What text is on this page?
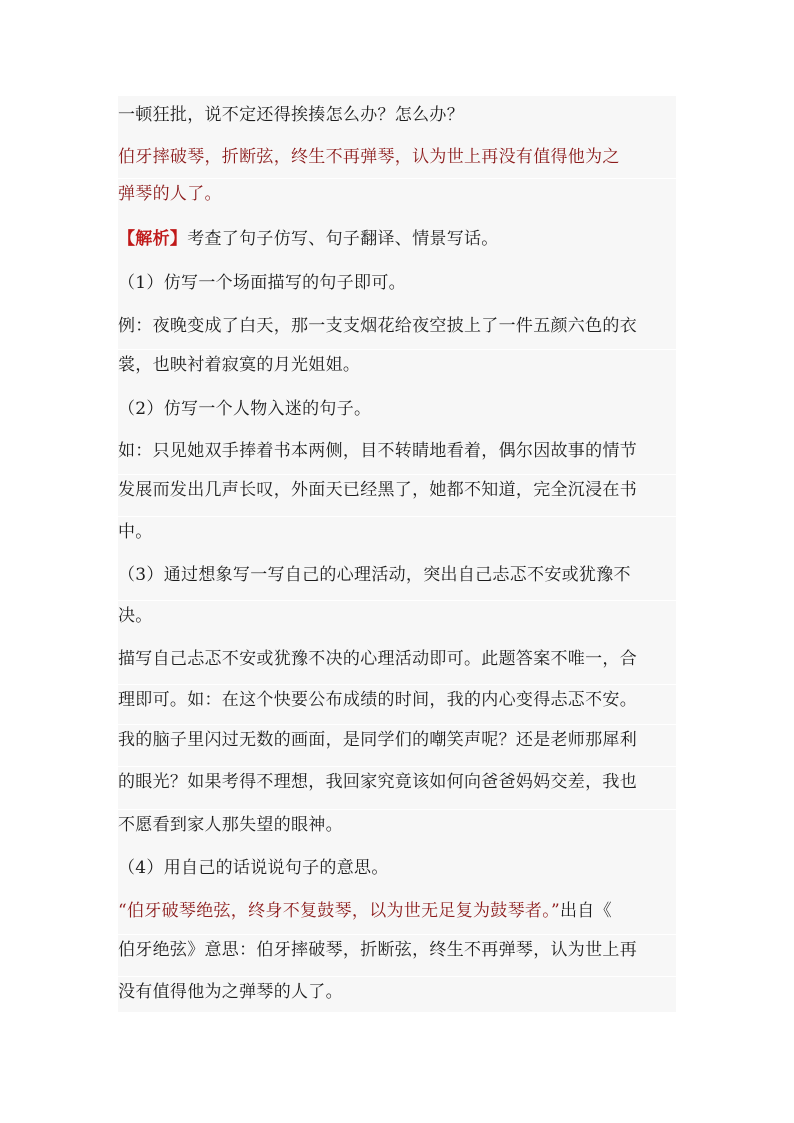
一顿狂批，说不定还得挨揍怎么办？怎么办？
伯牙摔破琴，折断弦，终生不再弹琴，认为世上再没有值得他为之
弹琴的人了。
【解析】考查了句子仿写、句子翻译、情景写话。
（1）仿写一个场面描写的句子即可。
例：夜晚变成了白天，那一支支烟花给夜空披上了一件五颜六色的衣
裳，也映衬着寂寞的月光姐姐。
（2）仿写一个人物入迷的句子。
如：只见她双手捧着书本两侧，目不转睛地看着，偶尔因故事的情节
发展而发出几声长叹，外面天已经黑了，她都不知道，完全沉浸在书
中。
（3）通过想象写一写自己的心理活动，突出自己忐忑不安或犹豫不
决。
描写自己忐忑不安或犹豫不决的心理活动即可。此题答案不唯一，合
理即可。如：在这个快要公布成绩的时间，我的内心变得忐忑不安。
我的脑子里闪过无数的画面，是同学们的嘲笑声呢？还是老师那犀利
的眼光？如果考得不理想，我回家究竟该如何向爸爸妈妈交差，我也
不愿看到家人那失望的眼神。
（4）用自己的话说说句子的意思。
“伯牙破琴绝弦，终身不复鼓琴，以为世无足复为鼓琴者。”出自《
伯牙绝弦》意思：伯牙摔破琴，折断弦，终生不再弹琴，认为世上再
没有值得他为之弹琴的人了。
